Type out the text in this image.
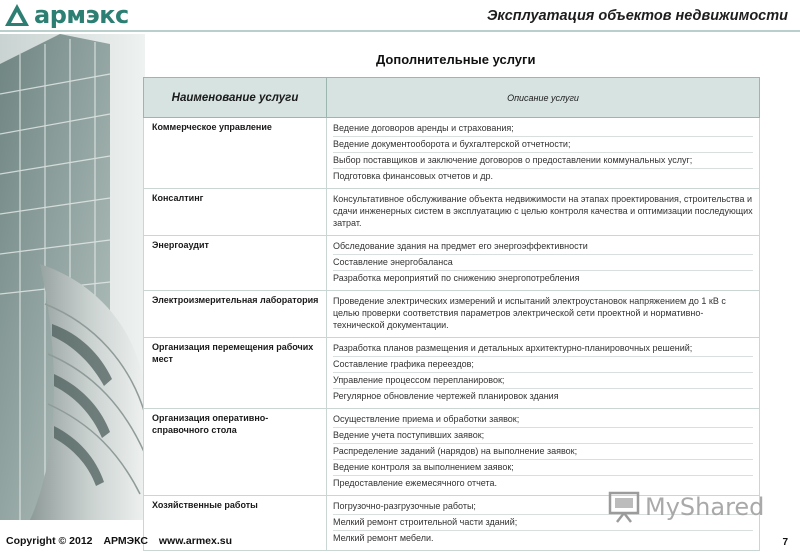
армэкс	Эксплуатация объектов недвижимости
Дополнительные услуги
Наименование услуги	Описание услуги
Коммерческое управление	Ведение договоров аренды и страхования;
Ведение документооборота и бухгалтерской отчетности;
Выбор поставщиков и заключение договоров о предоставлении коммунальных услуг;
Подготовка финансовых отчетов и др.

Консалтинг	Консультативное обслуживание объекта недвижимости на этапах проектирования, строительства и сдачи инженерных систем в эксплуатацию с целью контроля качества и оптимизации последующих затрат.

Энергоаудит	Обследование здания на предмет его энергоэффективности
Составление энергобаланса
Разработка мероприятий по снижению энергопотребления

Электроизмерительная лаборатория	Проведение электрических измерений и испытаний электроустановок напряжением до 1 кВ с целью проверки соответствия параметров электрической сети проектной и нормативно-технической документации.

Организация перемещения рабочих мест	Разработка планов размещения и детальных архитектурно-планировочных решений;
Составление графика переездов;
Управление процессом перепланировок;
Регулярное обновление чертежей планировок здания

Организация оперативно-справочного стола	Осуществление приема и обработки заявок;
Ведение учета поступивших заявок;
Распределение заданий (нарядов) на выполнение заявок;
Ведение контроля за выполнением заявок;
Предоставление ежемесячного отчета.

Хозяйственные работы	Погрузочно-разгрузочные работы;
Мелкий ремонт строительной части зданий;
Мелкий ремонт мебели.
MyShared
Copyright © 2012 АРМЭКС www.armex.su	7
